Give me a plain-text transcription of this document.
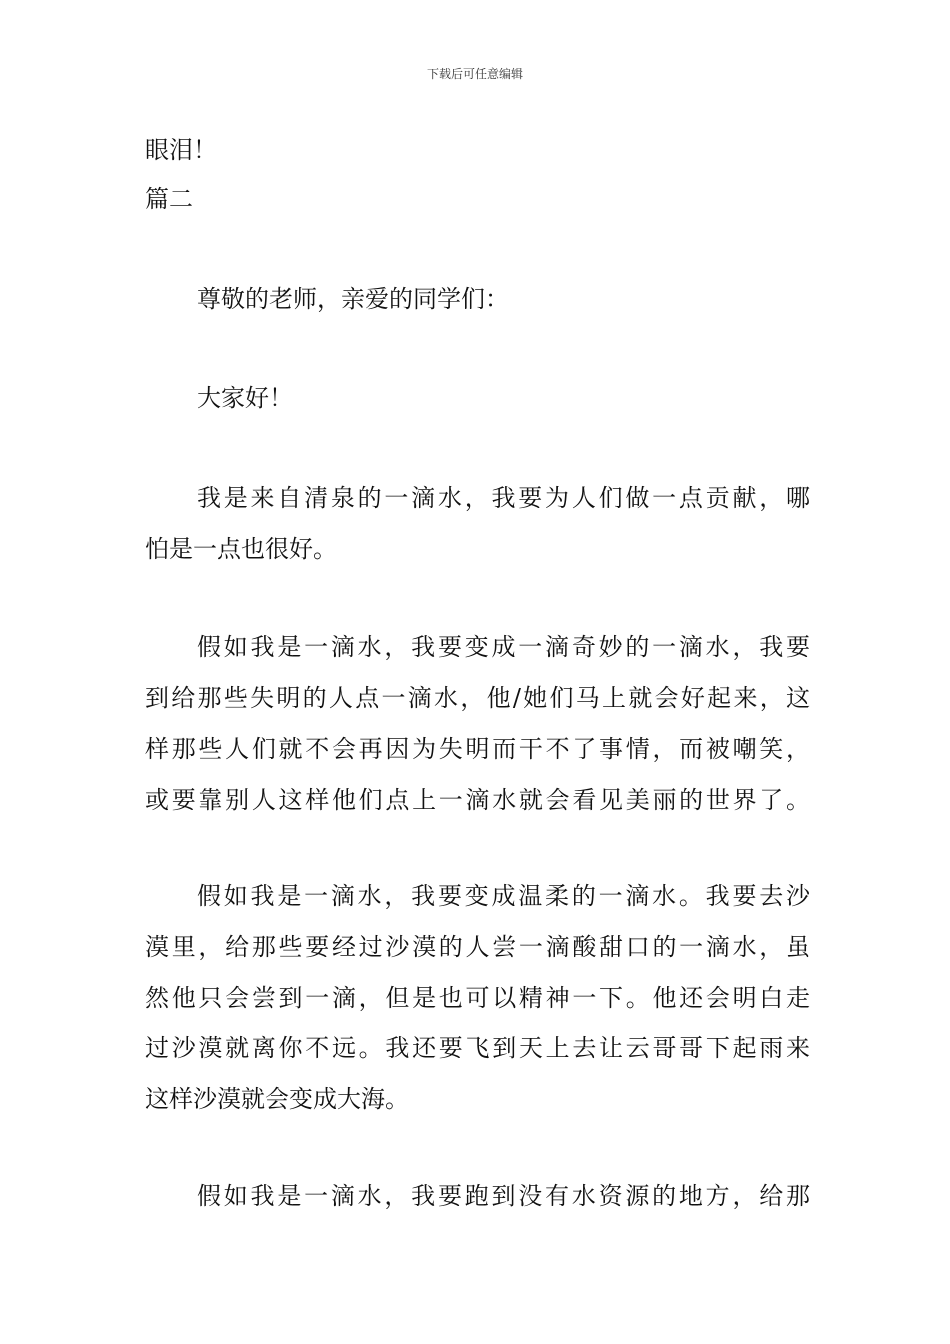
下载后可任意编辑
眼泪！
篇二
尊敬的老师，亲爱的同学们：
大家好！
我是来自清泉的一滴水，我要为人们做一点贡献，哪
怕是一点也很好。
假如我是一滴水，我要变成一滴奇妙的一滴水，我要
到给那些失明的人点一滴水，他/她们马上就会好起来，这
样那些人们就不会再因为失明而干不了事情，而被嘲笑，
或要靠别人这样他们点上一滴水就会看见美丽的世界了。
假如我是一滴水，我要变成温柔的一滴水。我要去沙
漠里，给那些要经过沙漠的人尝一滴酸甜口的一滴水，虽
然他只会尝到一滴，但是也可以精神一下。他还会明白走
过沙漠就离你不远。我还要飞到天上去让云哥哥下起雨来
这样沙漠就会变成大海。
假如我是一滴水，我要跑到没有水资源的地方，给那
